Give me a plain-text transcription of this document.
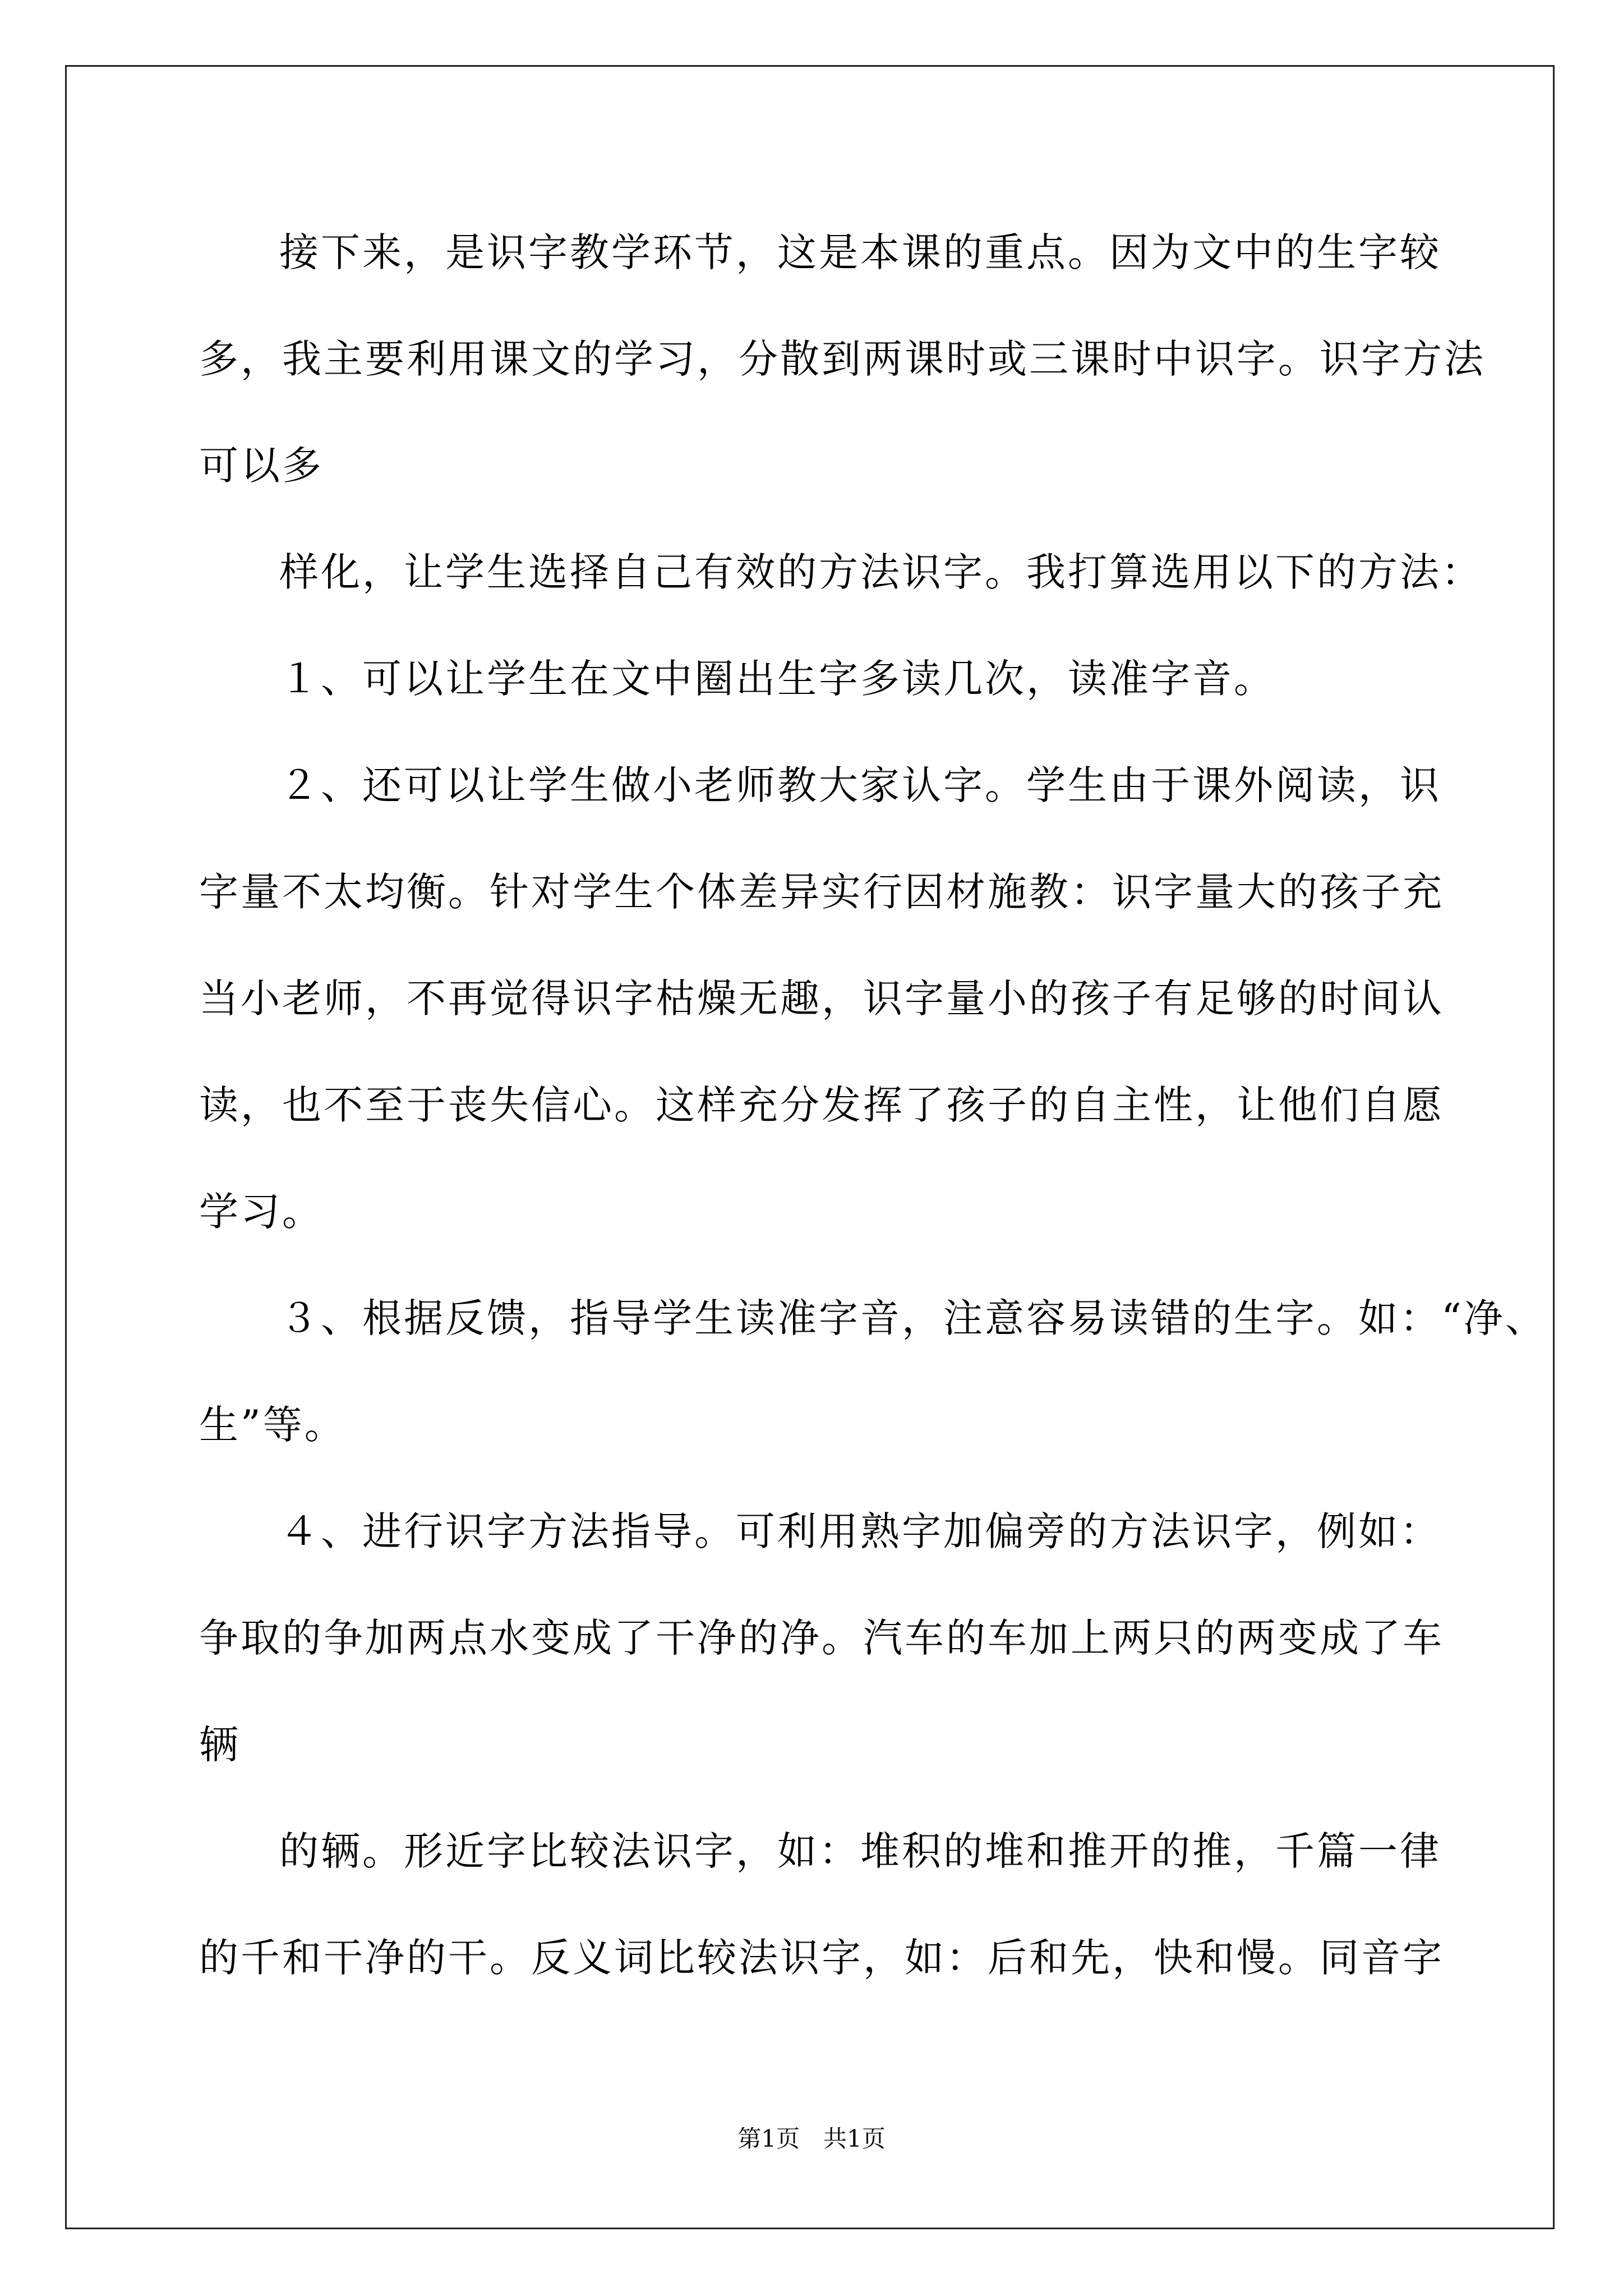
接下来，是识字教学环节，这是本课的重点。因为文中的生字较
多，我主要利用课文的学习，分散到两课时或三课时中识字。识字方法
可以多
样化，让学生选择自己有效的方法识字。我打算选用以下的方法：
１、可以让学生在文中圈出生字多读几次，读准字音。
２、还可以让学生做小老师教大家认字。学生由于课外阅读，识
字量不太均衡。针对学生个体差异实行因材施教：识字量大的孩子充
当小老师，不再觉得识字枯燥无趣，识字量小的孩子有足够的时间认
读，也不至于丧失信心。这样充分发挥了孩子的自主性，让他们自愿
学习。
３、根据反馈，指导学生读准字音，注意容易读错的生字。如：“净、
生”等。
４、进行识字方法指导。可利用熟字加偏旁的方法识字，例如：
争取的争加两点水变成了干净的净。汽车的车加上两只的两变成了车
辆
的辆。形近字比较法识字，如：堆积的堆和推开的推，千篇一律
的千和干净的干。反义词比较法识字，如：后和先，快和慢。同音字
第1页　共1页
